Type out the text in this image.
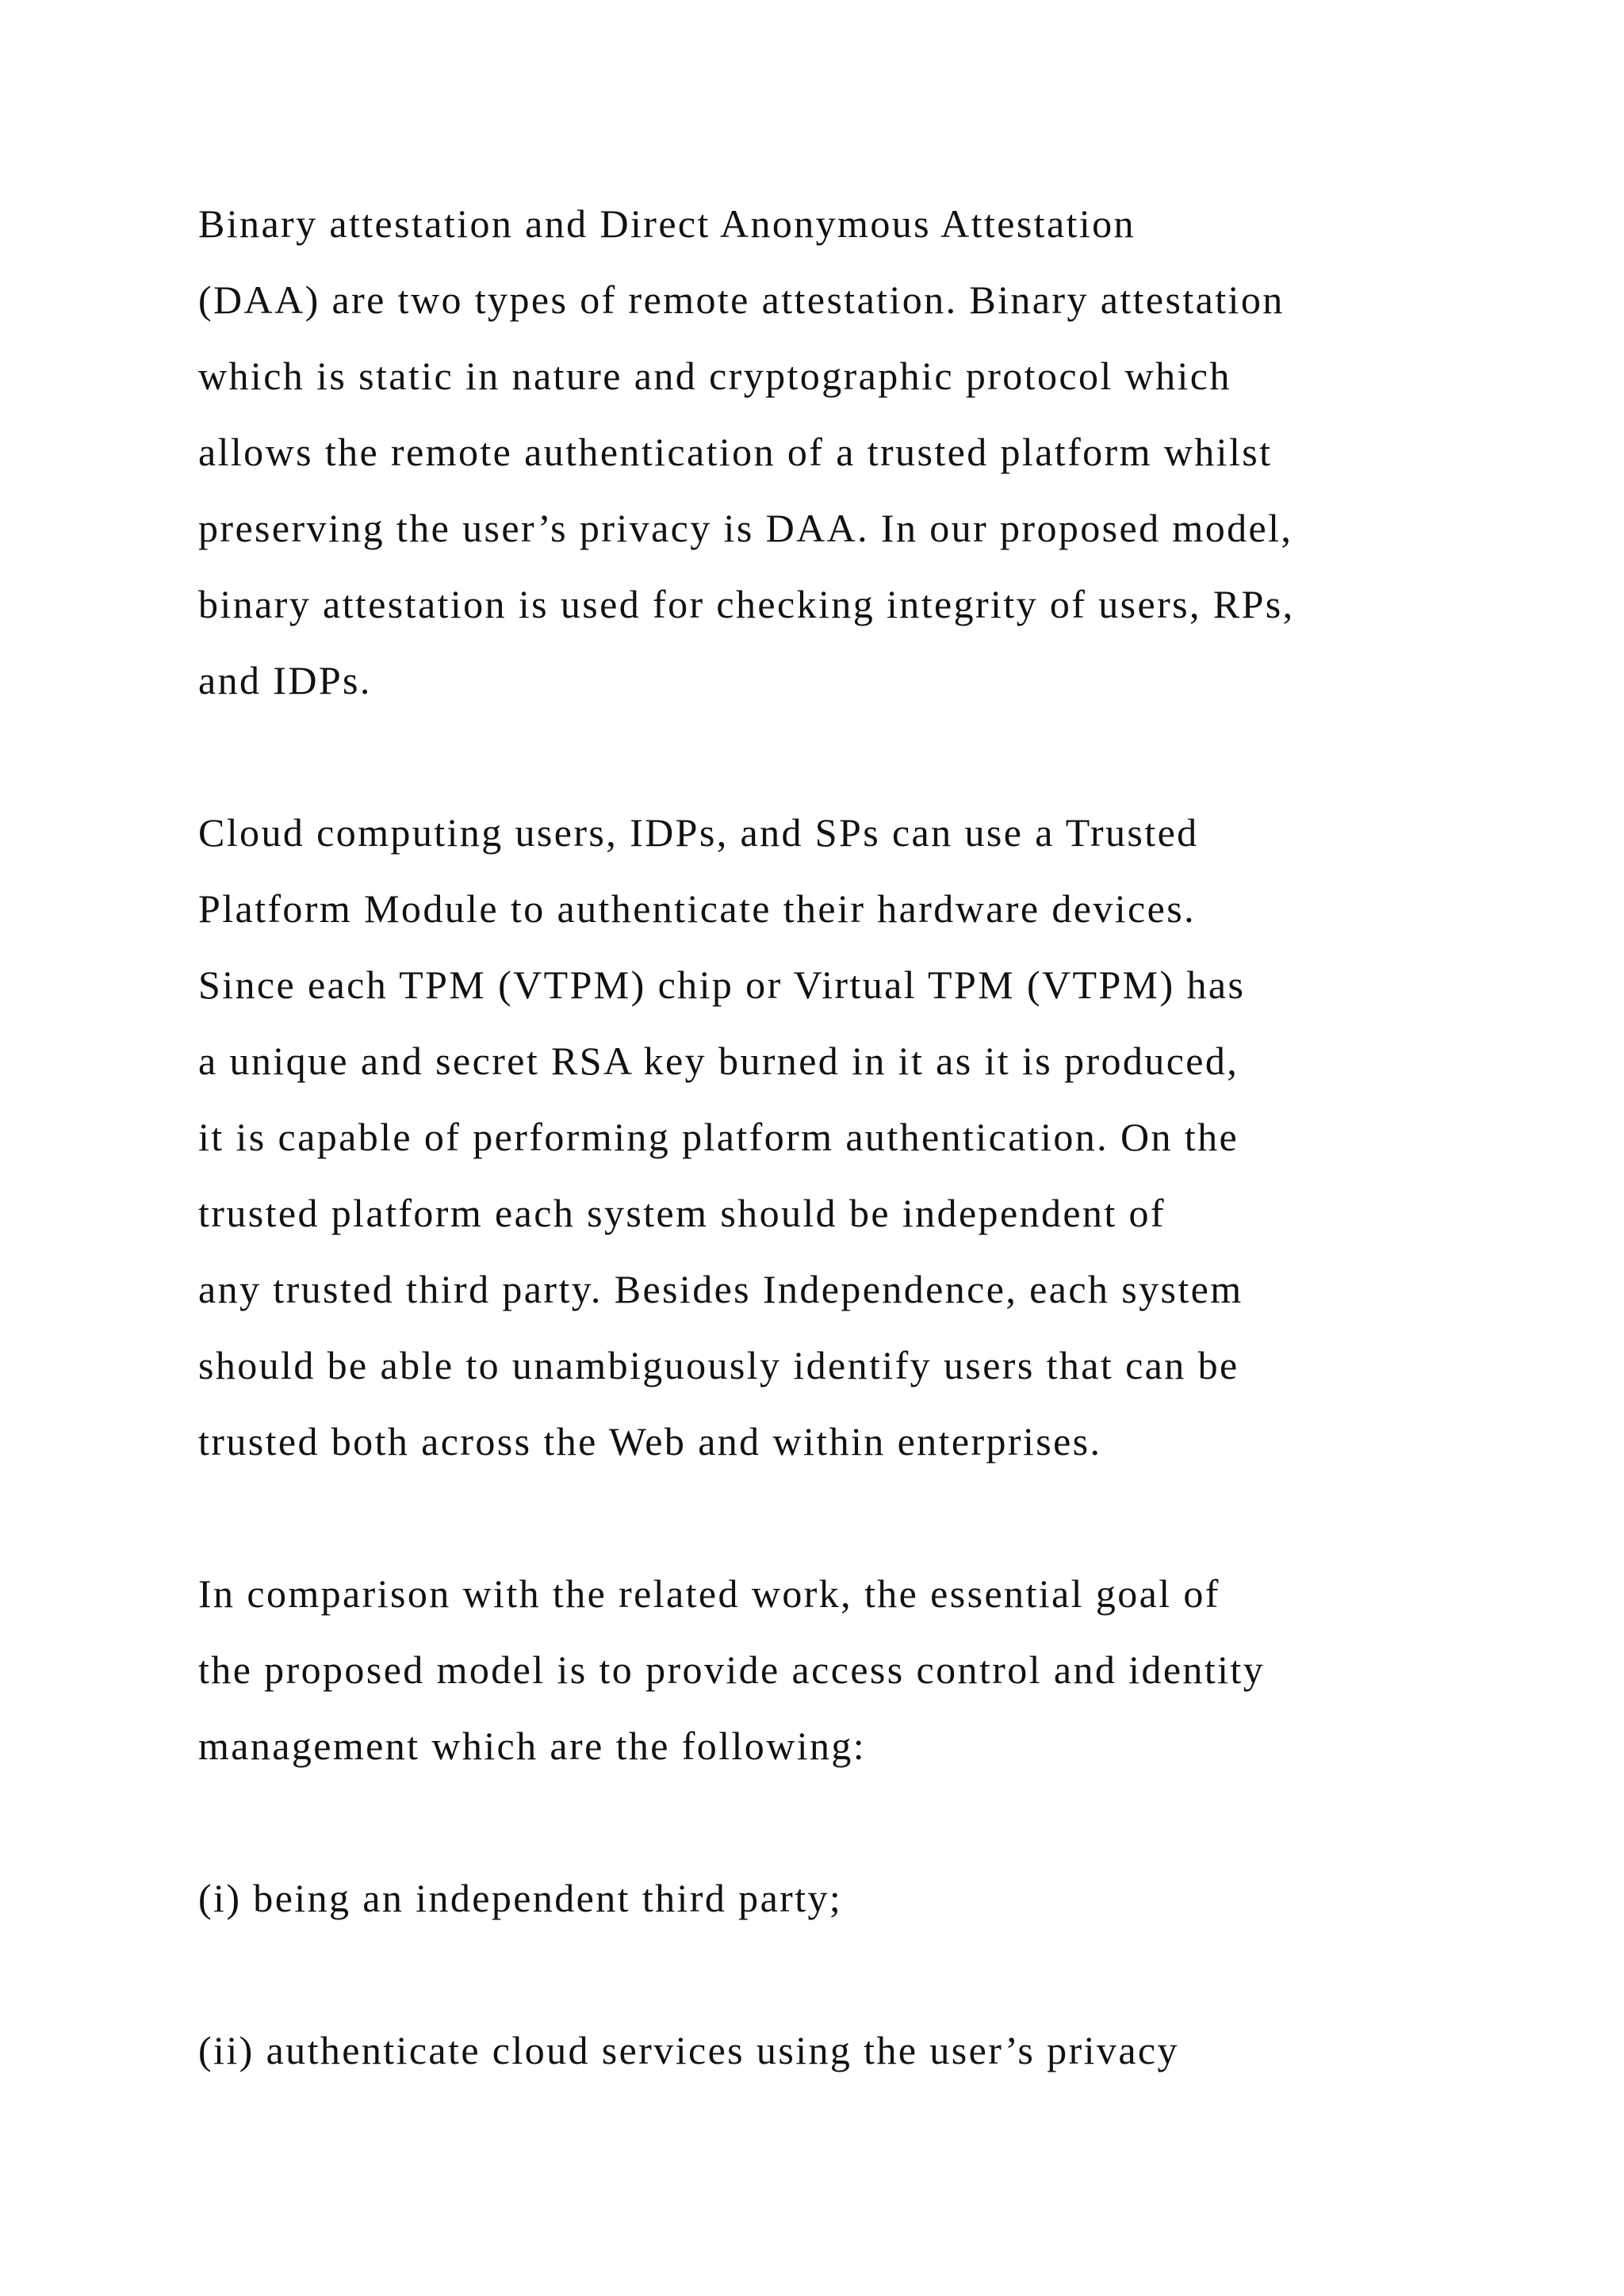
Binary attestation and Direct Anonymous Attestation
(DAA) are two types of remote attestation. Binary attestation
which is static in nature and cryptographic protocol which
allows the remote authentication of a trusted platform whilst
preserving the user’s privacy is DAA. In our proposed model,
binary attestation is used for checking integrity of users, RPs,
and IDPs.

Cloud computing users, IDPs, and SPs can use a Trusted
Platform Module to authenticate their hardware devices.
Since each TPM (VTPM) chip or Virtual TPM (VTPM) has
a unique and secret RSA key burned in it as it is produced,
it is capable of performing platform authentication. On the
trusted platform each system should be independent of
any trusted third party. Besides Independence, each system
should be able to unambiguously identify users that can be
trusted both across the Web and within enterprises.

In comparison with the related work, the essential goal of
the proposed model is to provide access control and identity
management which are the following:

(i) being an independent third party;

(ii) authenticate cloud services using the user’s privacy
